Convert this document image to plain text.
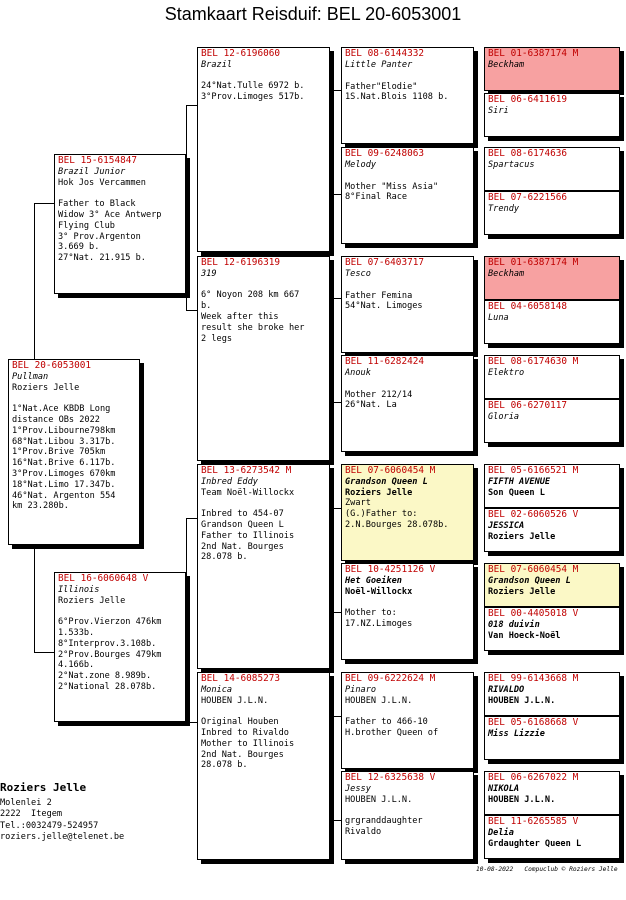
Stamkaart Reisduif: BEL 20-6053001
BEL 20-6053001
Pullman
Roziers Jelle
1°Nat.Ace KBDB Long
distance OBs 2022
1°Prov.Libourne798km
68°Nat.Libou 3.317b.
1°Prov.Brive 705km
16°Nat.Brive 6.117b.
3°Prov.Limoges 670km
18°Nat.Limo 17.347b.
46°Nat. Argenton 554
km 23.280b.
BEL 15-6154847
Brazil Junior
Hok Jos Vercammen
Father to Black
Widow 3° Ace Antwerp
Flying Club
3° Prov.Argenton
3.669 b.
27°Nat. 21.915 b.
BEL 16-6060648 V
Illinois
Roziers Jelle
6°Prov.Vierzon 476km
1.533b.
8°Interprov.3.108b.
2°Prov.Bourges 479km
4.166b.
2°Nat.zone 8.989b.
2°National 28.078b.
BEL 12-6196060
Brazil
24°Nat.Tulle 6972 b.
3°Prov.Limoges 517b.
BEL 12-6196319
319
6° Noyon 208 km 667
b.
Week after this
result she broke her
2 legs
BEL 13-6273542 M
Inbred Eddy
Team Noël-Willockx
Inbred to 454-07
Grandson Queen L
Father to Illinois
2nd Nat. Bourges
28.078 b.
BEL 14-6085273
Monica
HOUBEN J.L.N.
Original Houben
Inbred to Rivaldo
Mother to Illinois
2nd Nat. Bourges
28.078 b.
BEL 08-6144332
Little Panter
Father"Elodie"
1S.Nat.Blois 1108 b.
BEL 09-6248063
Melody
Mother "Miss Asia"
8°Final Race
BEL 07-6403717
Tesco
Father Femina
54°Nat. Limoges
BEL 11-6282424
Anouk
Mother 212/14
26°Nat. La
BEL 07-6060454 M
Grandson Queen L
Roziers Jelle
Zwart
(G.)Father to:
2.N.Bourges 28.078b.
BEL 10-4251126 V
Het Goeiken
Noël-Willockx
Mother to:
17.NZ.Limoges
BEL 09-6222624 M
Pinaro
HOUBEN J.L.N.
Father to 466-10
H.brother Queen of
BEL 12-6325638 V
Jessy
HOUBEN J.L.N.
grgranddaughter
Rivaldo
BEL 01-6387174 M
Beckham
BEL 06-6411619
Siri
BEL 08-6174636
Spartacus
BEL 07-6221566
Trendy
BEL 01-6387174 M
Beckham
BEL 04-6058148
Luna
BEL 08-6174630 M
Elektro
BEL 06-6270117
Gloria
BEL 05-6166521 M
FIFTH AVENUE
Son Queen L
BEL 02-6060526 V
JESSICA
Roziers Jelle
BEL 07-6060454 M
Grandson Queen L
Roziers Jelle
BEL 00-4405018 V
018 duivin
Van Hoeck-Noël
BEL 99-6143668 M
RIVALDO
HOUBEN J.L.N.
BEL 05-6168668 V
Miss Lizzie
BEL 06-6267022 M
NIKOLA
HOUBEN J.L.N.
BEL 11-6265585 V
Delia
Grdaughter Queen L
Roziers Jelle
Molenlei 2
2222  Itegem
Tel.:0032479-524957
roziers.jelle@telenet.be
10-08-2022   Compuclub © Roziers Jelle
